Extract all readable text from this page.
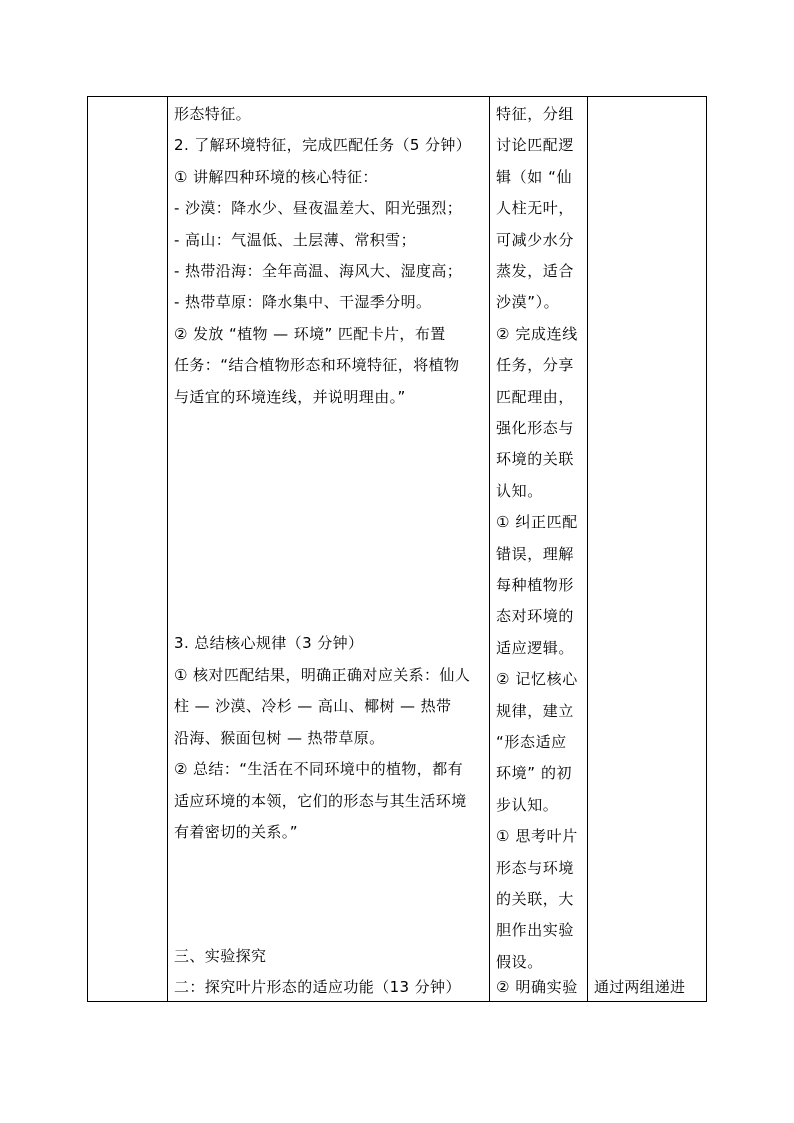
形态特征。
2. 了解环境特征，完成匹配任务（5 分钟）
① 讲解四种环境的核心特征：
- 沙漠：降水少、昼夜温差大、阳光强烈；
- 高山：气温低、土层薄、常积雪；
- 热带沿海：全年高温、海风大、湿度高；
- 热带草原：降水集中、干湿季分明。
② 发放 “植物 — 环境” 匹配卡片，布置
任务：“结合植物形态和环境特征，将植物
与适宜的环境连线，并说明理由。”
3. 总结核心规律（3 分钟）
① 核对匹配结果，明确正确对应关系：仙人
柱 — 沙漠、冷杉 — 高山、椰树 — 热带
沿海、猴面包树 — 热带草原。
② 总结：“生活在不同环境中的植物，都有
适应环境的本领，它们的形态与其生活环境
有着密切的关系。”
三、实验探究
二：探究叶片形态的适应功能（13 分钟）
特征，分组
讨论匹配逻
辑（如 “仙
人柱无叶，
可减少水分
蒸发，适合
沙漠”）。
② 完成连线
任务，分享
匹配理由，
强化形态与
环境的关联
认知。
① 纠正匹配
错误，理解
每种植物形
态对环境的
适应逻辑。
② 记忆核心
规律，建立
“形态适应
环境” 的初
步认知。
① 思考叶片
形态与环境
的关联，大
胆作出实验
假设。
② 明确实验 通过两组递进
